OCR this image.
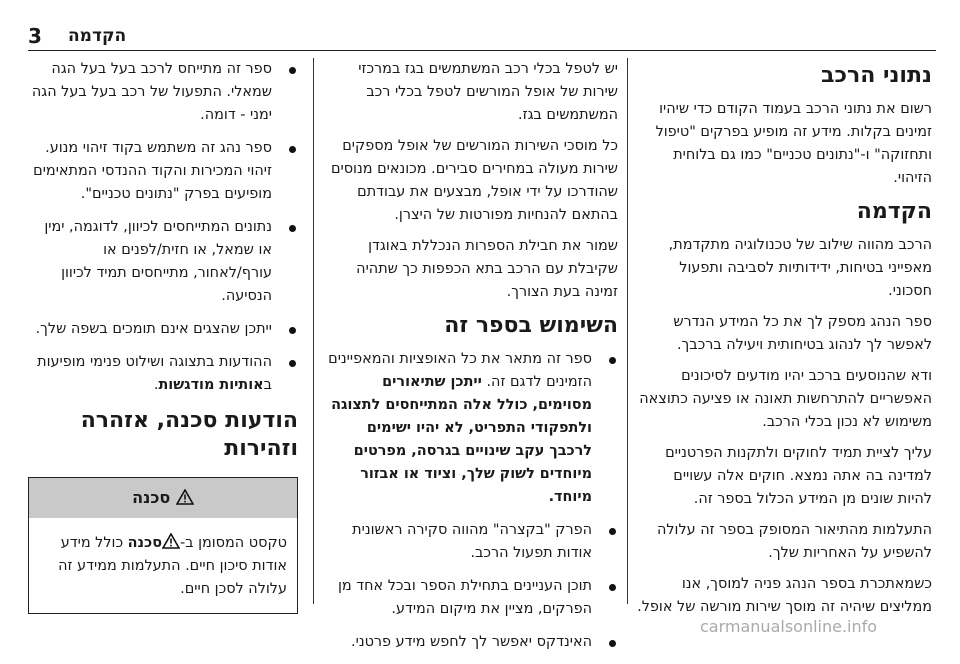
3 הקדמה
נתוני הרכב

רשום את נתוני הרכב בעמוד הקודם כדי שיהיו זמינים בקלות. מידע זה מופיע בפרקים "טיפול ותחזוקה" ו-"נתונים טכניים" כמו גם בלוחית הזיהוי.

הקדמה

הרכב מהווה שילוב של טכנולוגיה מתקדמת, מאפייני בטיחות, ידידותיות לסביבה ותפעול חסכוני.

ספר הנהג מספק לך את כל המידע הנדרש לאפשר לך לנהוג בטיחותית ויעילה ברכבך.

ודא שהנוסעים ברכב יהיו מודעים לסיכונים האפשריים להתרחשות תאונה או פציעה כתוצאה משימוש לא נכון בכלי הרכב.

עליך לציית תמיד לחוקים ולתקנות הפרטניים למדינה בה אתה נמצא. חוקים אלה עשויים להיות שונים מן המידע הכלול בספר זה.

התעלמות מהתיאור המסופק בספר זה עלולה להשפיע על האחריות שלך.

כשמאתכרת בספר הנהג פניה למוסך, אנו ממליצים שיהיה זה מוסך שירות מורשה של אופל.

יש לטפל בכלי רכב המשתמשים בגז במרכזי שירות של אופל המורשים לטפל בכלי רכב המשתמשים בגז.

כל מוסכי השירות המורשים של אופל מספקים שירות מעולה במחירים סבירים. מכונאים מנוסים שהודרכו על ידי אופל, מבצעים את עבודתם בהתאם להנחיות מפורטות של היצרן.

שמור את חבילת הספרות הנכללת באוגדן שקיבלת עם הרכב בתא הכפפות כך שתהיה זמינה בעת הצורך.

השימוש בספר זה
ספר זה מתאר את כל האופציות והמאפיינים הזמינים לדגם זה. ייתכן שתיאורים מסוימים, כולל אלה המתייחסים לתצוגה ולתפקודי התפריט, לא יהיו ישימים לרכבך עקב שינויים בגרסה, מפרטים מיוחדים לשוק שלך, וציוד או אבזור מיוחד.
הפרק "בקצרה" מהווה סקירה ראשונית אודות תפעול הרכב.
תוכן העניינים בתחילת הספר ובכל אחד מן הפרקים, מציין את מיקום המידע.
האינדקס יאפשר לך לחפש מידע פרטני.
ספר זה מתייחס לרכב בעל בעל הגה שמאלי. התפעול של רכב בעל בעל הגה ימני - דומה.
ספר נהג זה משתמש בקוד זיהוי מנוע. זיהוי המכירות והקוד ההנדסי המתאימים מופיעים בפרק "נתונים טכניים".
נתונים המתייחסים לכיוון, לדוגמה, ימין או שמאל, או חזית/לפנים או עורף/לאחור, מתייחסים תמיד לכיוון הנסיעה.
ייתכן שהצגים אינם תומכים בשפה שלך.
ההודעות בתצוגה ושילוט פנימי מופיעות באותיות מודגשות.
הודעות סכנה, אזהרה וזהירות
סכנה
טקסט המסומן ב-סכנה כולל מידע אודות סיכון חיים. התעלמות ממידע זה עלולה לסכן חיים.
carmanualsonline.info
